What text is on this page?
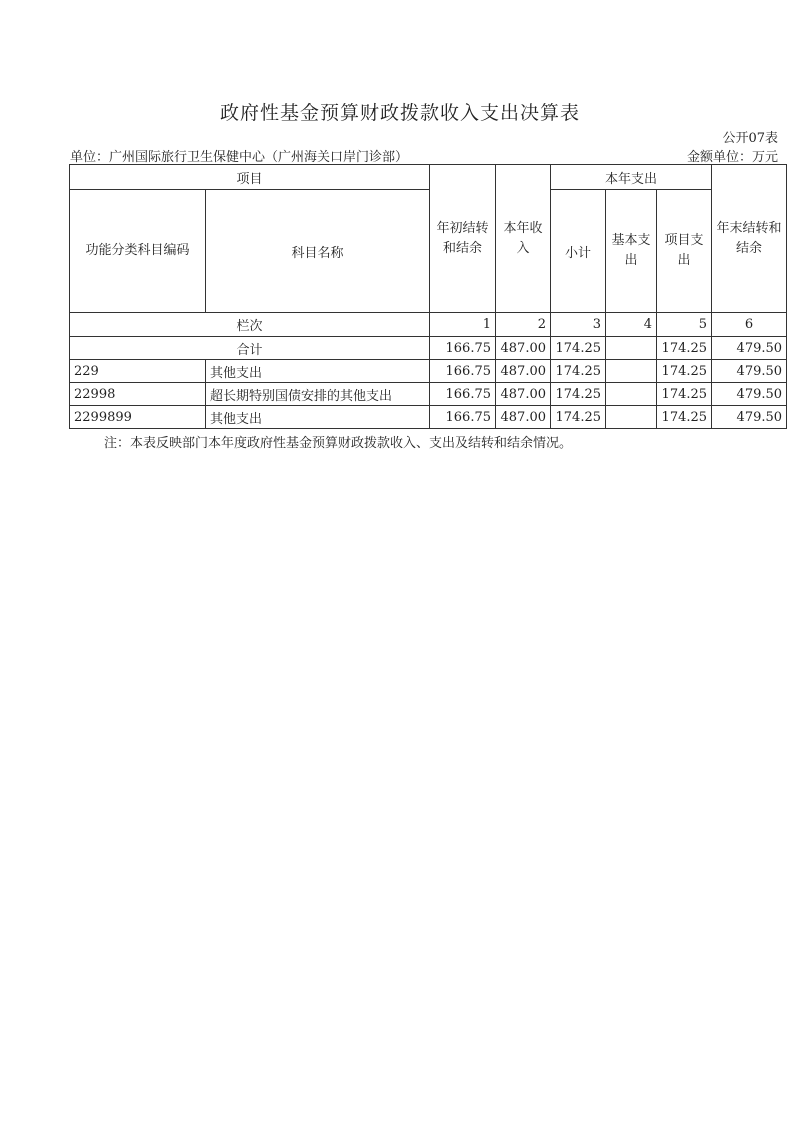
政府性基金预算财政拨款收入支出决算表
公开07表
单位：广州国际旅行卫生保健中心（广州海关口岸门诊部）	金额单位：万元
项目		年初结转和结余	本年收入	本年支出			年末结转和结余
功能分类科目编码	科目名称			小计	基本支出	项目支出	
栏次		1	2	3	4	5	6
合计		166.75	487.00	174.25		174.25	479.50
229	其他支出	166.75	487.00	174.25		174.25	479.50
22998	超长期特别国债安排的其他支出	166.75	487.00	174.25		174.25	479.50
2299899	其他支出	166.75	487.00	174.25		174.25	479.50
注：本表反映部门本年度政府性基金预算财政拨款收入、支出及结转和结余情况。
